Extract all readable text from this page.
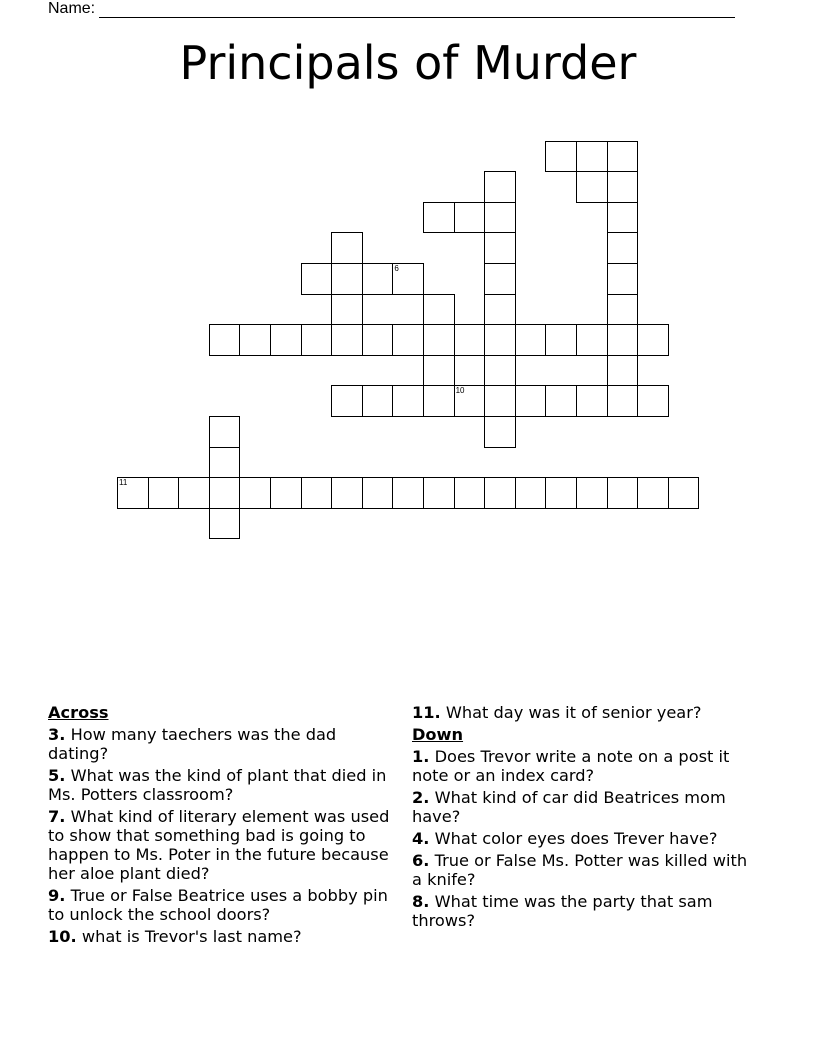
Name:
Principals of Murder
6
10
11
Across
3. How many taechers was the dad dating?
5. What was the kind of plant that died in Ms. Potters classroom?
7. What kind of literary element was used to show that something bad is going to happen to Ms. Poter in the future because her aloe plant died?
9. True or False Beatrice uses a bobby pin to unlock the school doors?
10. what is Trevor's last name?
11. What day was it of senior year?
Down
1. Does Trevor write a note on a post it note or an index card?
2. What kind of car did Beatrices mom have?
4. What color eyes does Trever have?
6. True or False Ms. Potter was killed with a knife?
8. What time was the party that sam throws?
